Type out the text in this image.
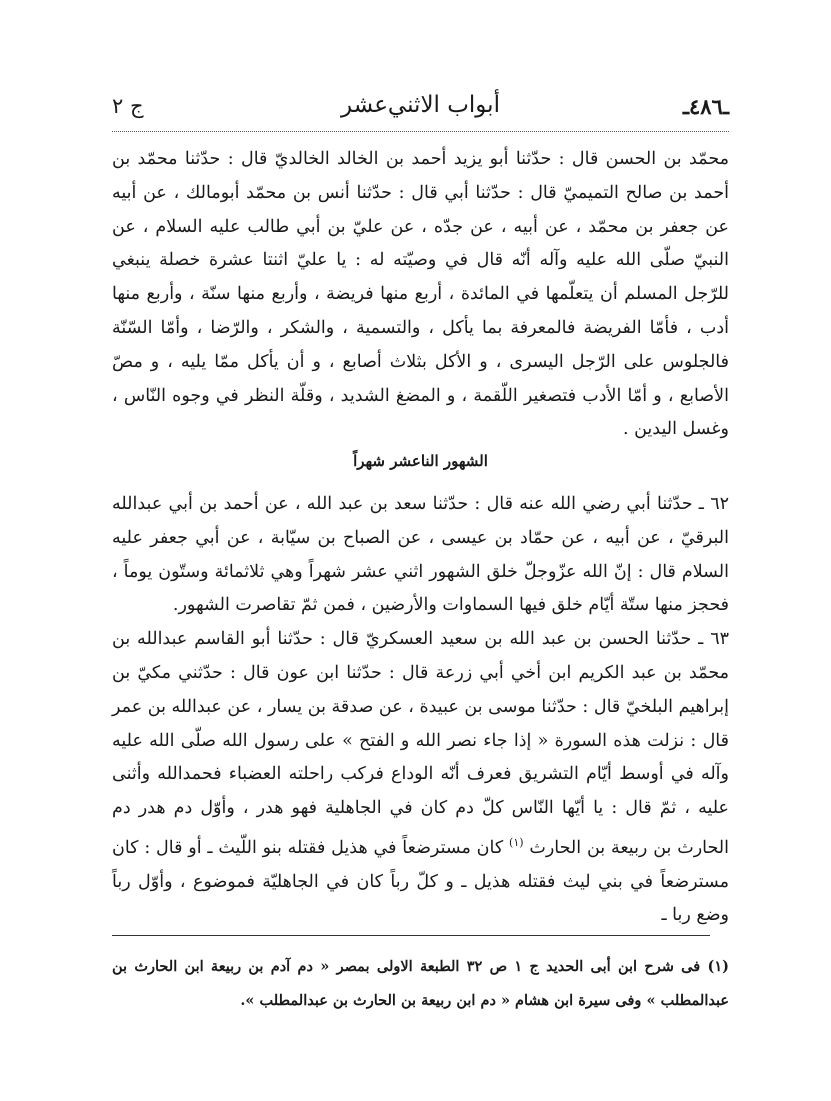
ـ٤٨٦ـ
أبواب الاثني‌عشر
ج ٢

محمّد بن الحسن قال : حدّثنا أبو يزيد أحمد بن الخالد الخالديّ قال : حدّثنا محمّد بن أحمد بن صالح التميميّ قال : حدّثنا أبي قال : حدّثنا أنس بن محمّد أبومالك ، عن أبيه عن جعفر بن محمّد ، عن أبيه ، عن جدّه ، عن عليّ بن أبي طالب عليه السلام ، عن النبيّ صلّى الله عليه وآله أنّه قال في وصيّته له : يا عليّ اثنتا عشرة خصلة ينبغي للرّجل المسلم أن يتعلّمها في المائدة ، أربع منها فريضة ، وأربع منها سنّة ، وأربع منها أدب ، فأمّا الفريضة فالمعرفة بما يأكل ، والتسمية ، والشكر ، والرّضا ، وأمّا السّنّة فالجلوس على الرّجل اليسرى ، و الأكل بثلاث أصابع ، و أن يأكل ممّا يليه ، و مصّ الأصابع ، و أمّا الأدب فتصغير اللّقمة ، و المضغ الشديد ، وقلّة النظر في وجوه النّاس ، وغسل اليدين .

الشهور الناعشر شهراً

٦٢ ـ حدّثنا أبي رضي الله عنه قال : حدّثنا سعد بن عبد الله ، عن أحمد بن أبي عبدالله البرقيّ ، عن أبيه ، عن حمّاد بن عيسى ، عن الصباح بن سيّابة ، عن أبي جعفر عليه السلام قال : إنّ الله عزّوجلّ خلق الشهور اثني عشر شهراً وهي ثلاثمائة وستّون يوماً ، فحجز منها ستّة أيّام خلق فيها السماوات والأرضين ، فمن ثمّ تقاصرت الشهور.

٦٣ ـ حدّثنا الحسن بن عبد الله بن سعيد العسكريّ قال : حدّثنا أبو القاسم عبدالله بن محمّد بن عبد الكريم ابن أخي أبي زرعة قال : حدّثنا ابن عون قال : حدّثني مكيّ بن إبراهيم البلخيّ قال : حدّثنا موسى بن عبيدة ، عن صدقة بن يسار ، عن عبدالله بن عمر قال : نزلت هذه السورة « إذا جاء نصر الله و الفتح » على رسول الله صلّى الله عليه وآله في أوسط أيّام التشريق فعرف أنّه الوداع فركب راحلته العضباء فحمدالله وأثنى عليه ، ثمّ قال : يا أيّها النّاس كلّ دم كان في الجاهلية فهو هدر ، وأوّل دم هدر دم الحارث بن ربيعة بن الحارث $^{(١)}$ كان مسترضعاً في هذيل فقتله بنو اللّيث ـ أو قال : كان مسترضعاً في بني ليث فقتله هذيل ـ و كلّ رباً كان في الجاهليّة فموضوع ، وأوّل رباً وضع ربا ـ

(١) فى شرح ابن أبى الحديد ج ١ ص ٣٢ الطبعة الاولى بمصر « دم آدم بن ربيعة ابن الحارث بن عبدالمطلب » وفى سيرة ابن هشام « دم ابن ربيعة بن الحارث بن عبدالمطلب ».
